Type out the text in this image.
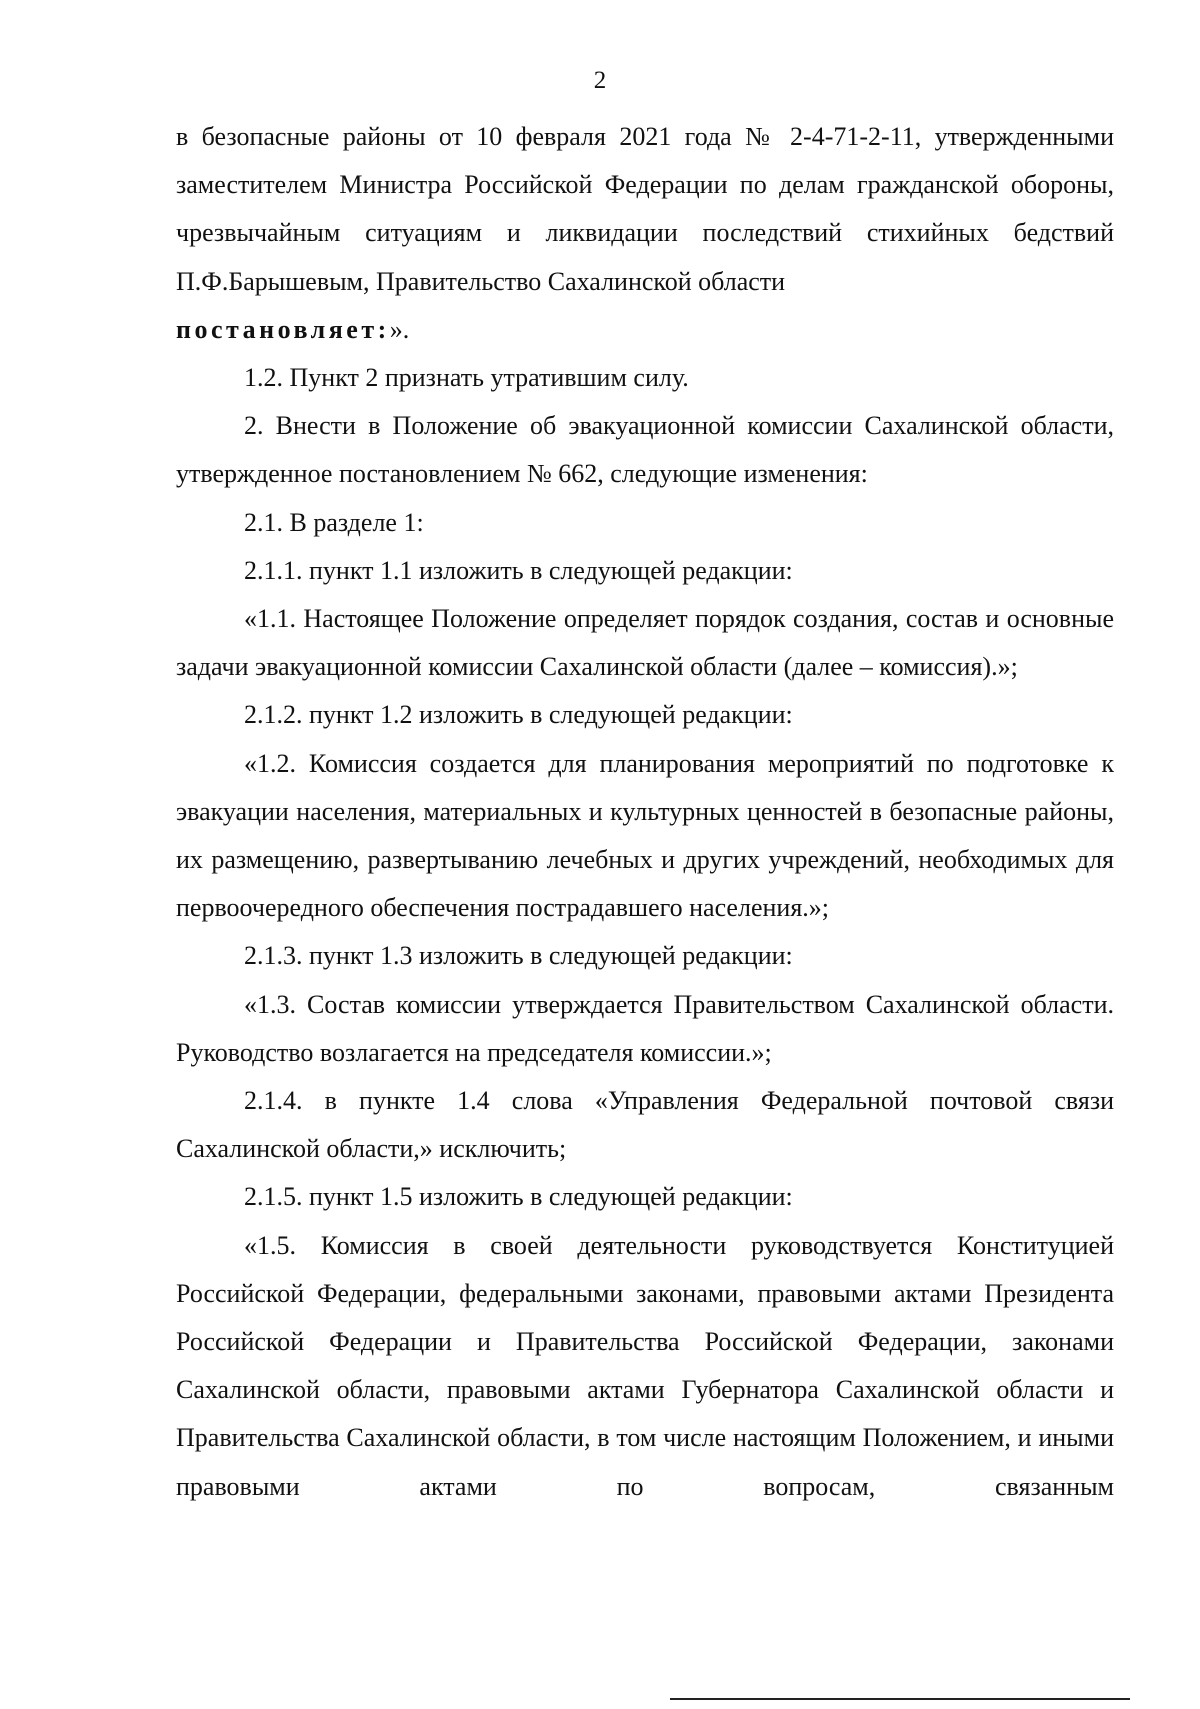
2

в безопасные районы от 10 февраля 2021 года № 2-4-71-2-11, утвержденными заместителем Министра Российской Федерации по делам гражданской обороны, чрезвычайным ситуациям и ликвидации последствий стихийных бедствий П.Ф.Барышевым, Правительство Сахалинской области
постановляет:».

1.2. Пункт 2 признать утратившим силу.

2. Внести в Положение об эвакуационной комиссии Сахалинской области, утвержденное постановлением № 662, следующие изменения:

2.1. В разделе 1:

2.1.1. пункт 1.1 изложить в следующей редакции:

«1.1. Настоящее Положение определяет порядок создания, состав и основные задачи эвакуационной комиссии Сахалинской области (далее – комиссия).»;

2.1.2. пункт 1.2 изложить в следующей редакции:

«1.2. Комиссия создается для планирования мероприятий по подготовке к эвакуации населения, материальных и культурных ценностей в безопасные районы, их размещению, развертыванию лечебных и других учреждений, необходимых для первоочередного обеспечения пострадавшего населения.»;

2.1.3. пункт 1.3 изложить в следующей редакции:

«1.3. Состав комиссии утверждается Правительством Сахалинской области. Руководство возлагается на председателя комиссии.»;

2.1.4. в пункте 1.4 слова «Управления Федеральной почтовой связи Сахалинской области,» исключить;

2.1.5. пункт 1.5 изложить в следующей редакции:

«1.5. Комиссия в своей деятельности руководствуется Конституцией Российской Федерации, федеральными законами, правовыми актами Президента Российской Федерации и Правительства Российской Федерации, законами Сахалинской области, правовыми актами Губернатора Сахалинской области и Правительства Сахалинской области, в том числе настоящим Положением, и иными правовыми актами по вопросам, связанным
